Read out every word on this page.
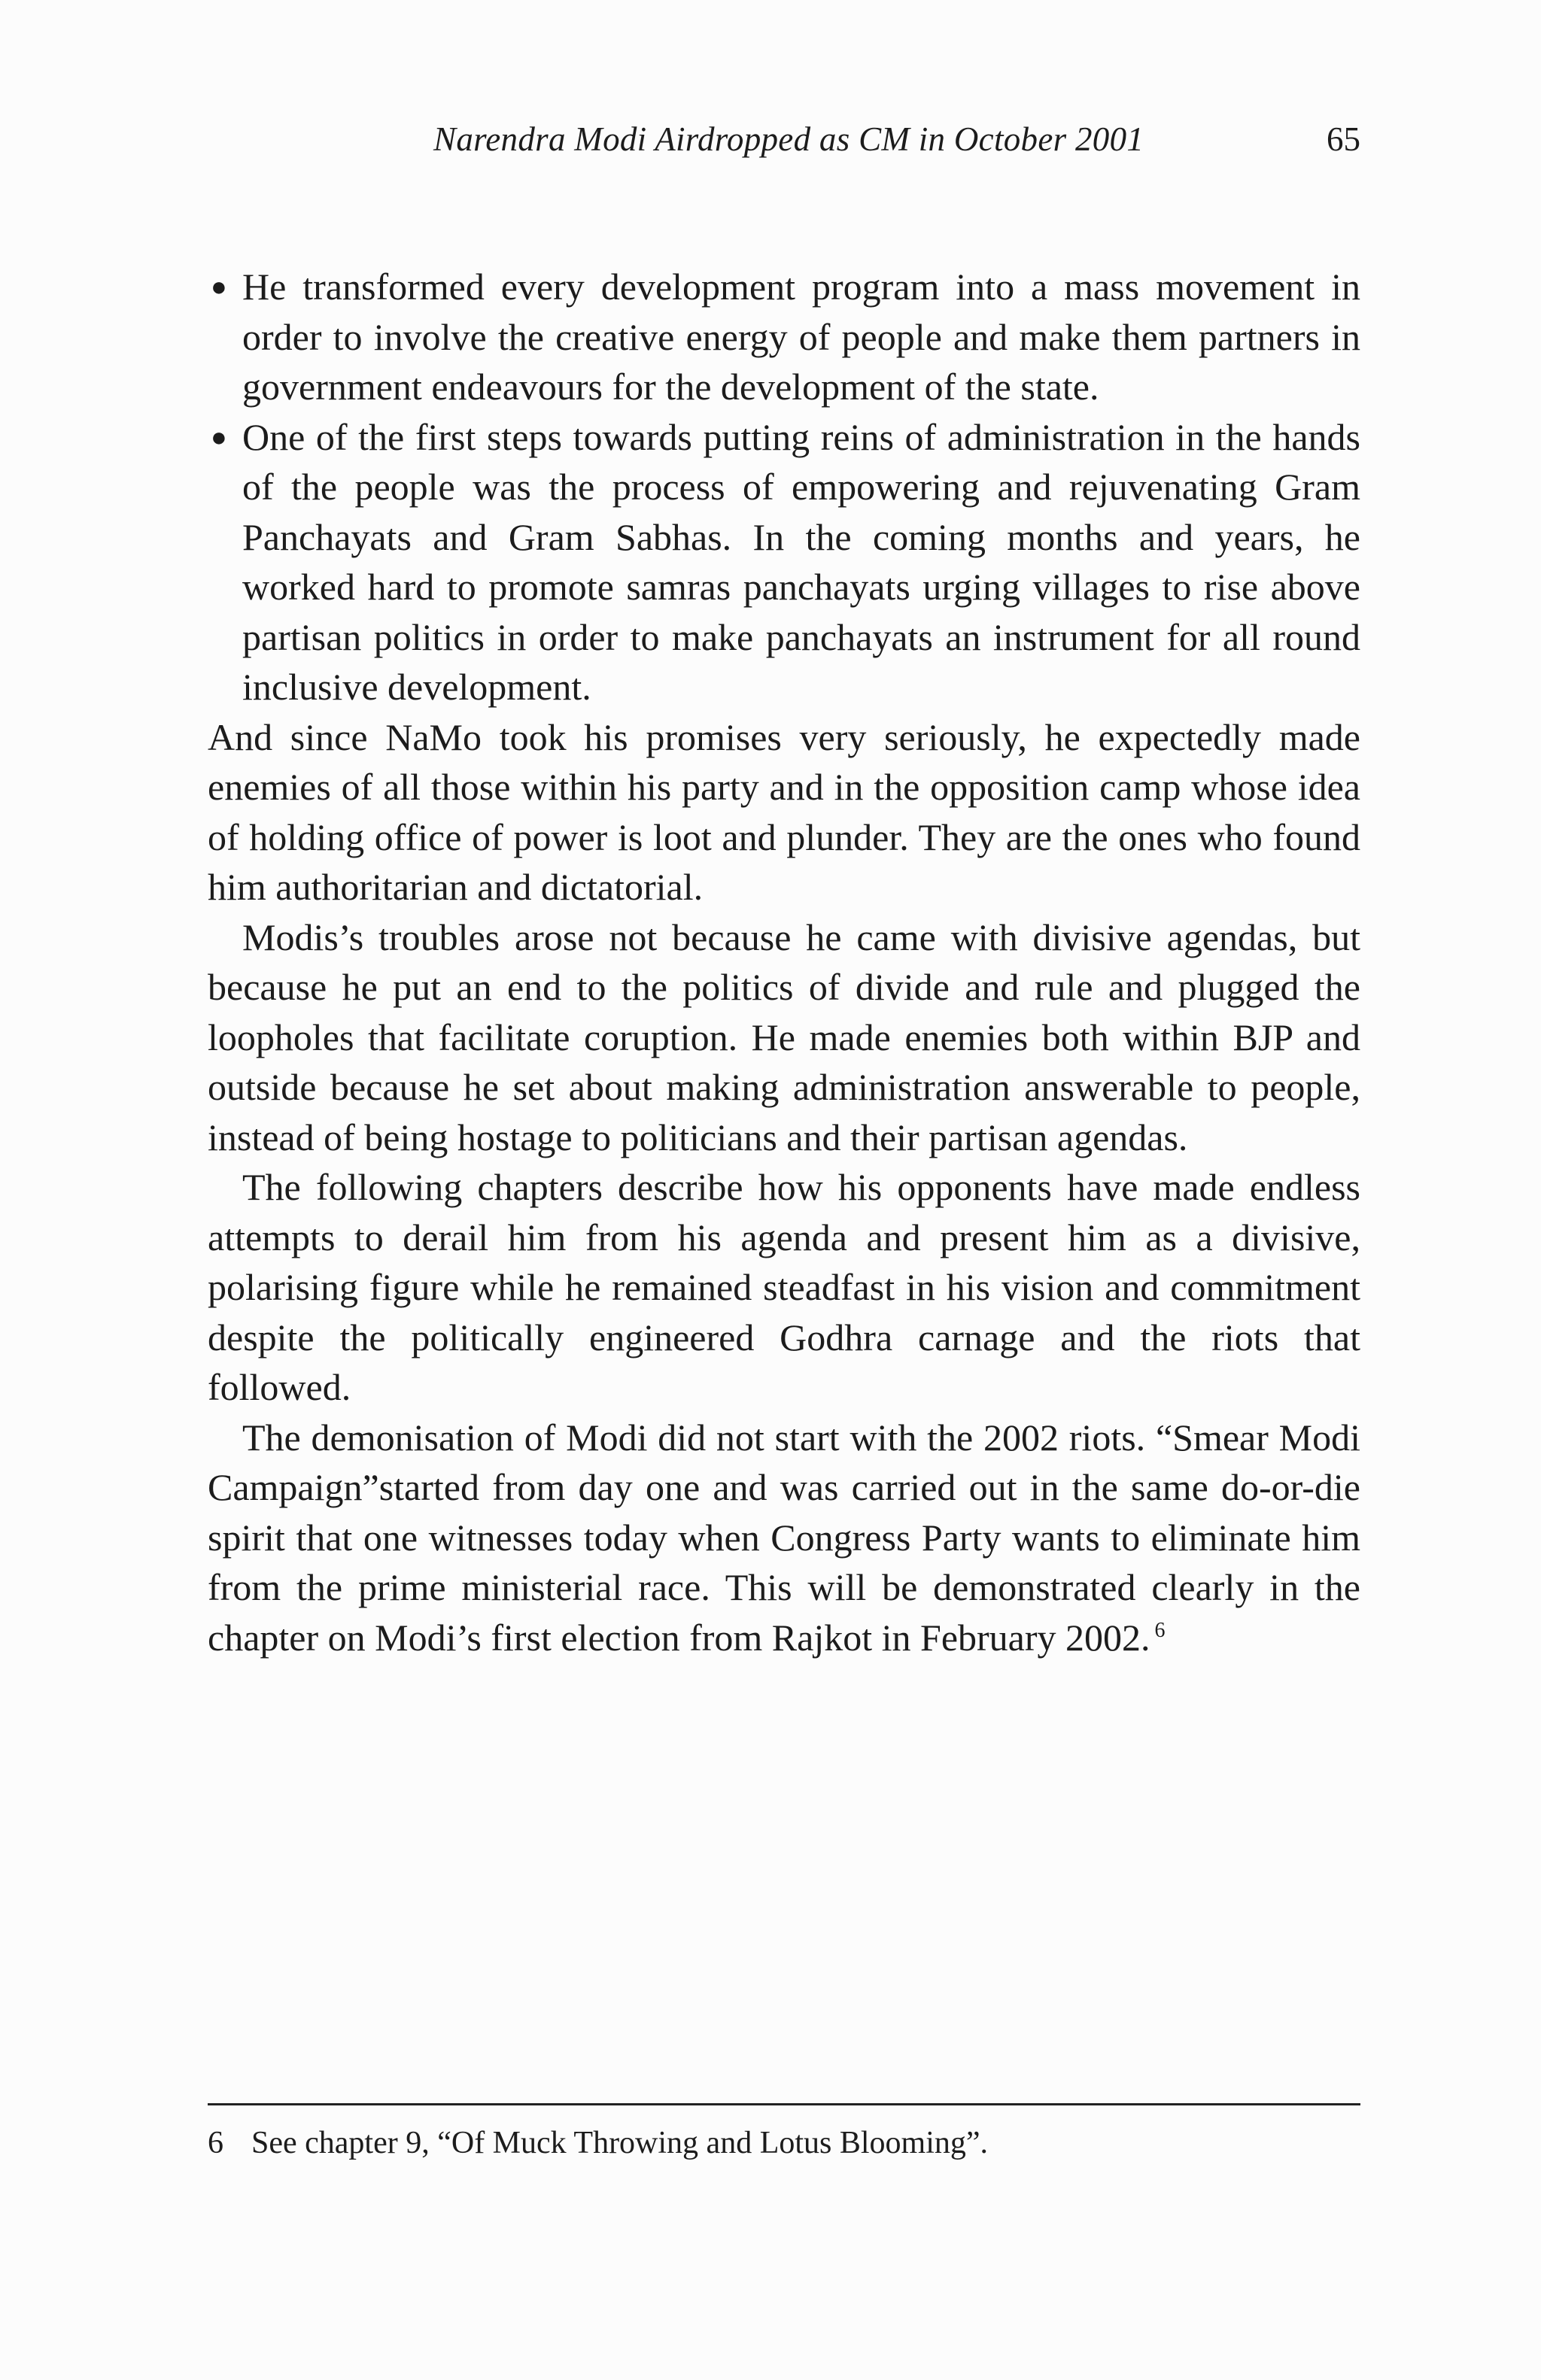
Narendra Modi Airdropped as CM in October 2001	65
● He transformed every development program into a mass movement in order to involve the creative energy of people and make them partners in government endeavours for the development of the state.
● One of the first steps towards putting reins of administration in the hands of the people was the process of empowering and rejuvenating Gram Panchayats and Gram Sabhas. In the coming months and years, he worked hard to promote samras panchayats urging villages to rise above partisan politics in order to make panchayats an instrument for all round inclusive development.

And since NaMo took his promises very seriously, he expectedly made enemies of all those within his party and in the opposition camp whose idea of holding office of power is loot and plunder. They are the ones who found him authoritarian and dictatorial.

Modis’s troubles arose not because he came with divisive agendas, but because he put an end to the politics of divide and rule and plugged the loopholes that facilitate coruption. He made enemies both within BJP and outside because he set about making administration answerable to people, instead of being hostage to politicians and their partisan agendas.

The following chapters describe how his opponents have made endless attempts to derail him from his agenda and present him as a divisive, polarising figure while he remained steadfast in his vision and commitment despite the politically engineered Godhra carnage and the riots that followed.

The demonisation of Modi did not start with the 2002 riots. “Smear Modi Campaign”started from day one and was carried out in the same do-or-die spirit that one witnesses today when Congress Party wants to eliminate him from the prime ministerial race. This will be demonstrated clearly in the chapter on Modi’s first election from Rajkot in February 2002. $^6$

6 See chapter 9, “Of Muck Throwing and Lotus Blooming”.
